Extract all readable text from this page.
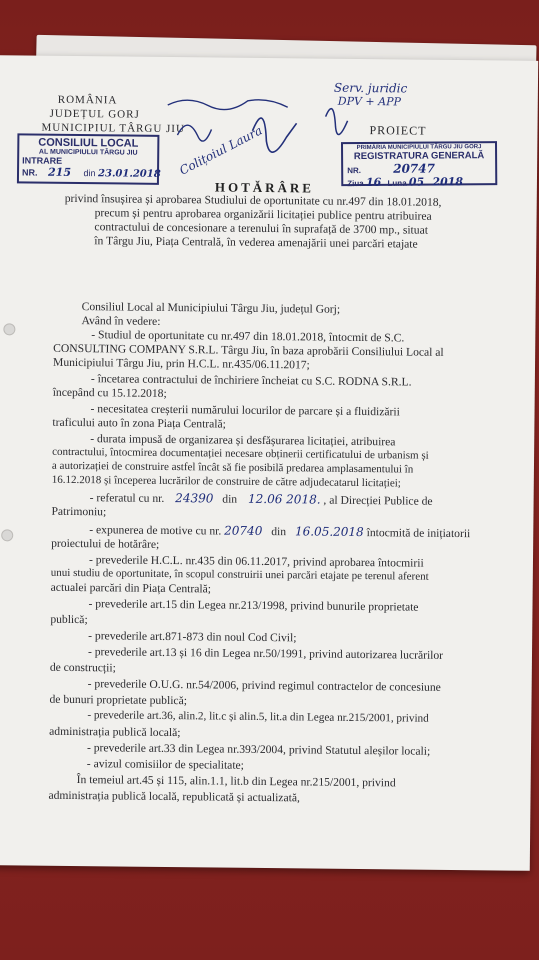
ROMÂNIA
JUDEȚUL GORJ
MUNICIPIUL TÂRGU JIU	PROIECT
Serv. juridic
DPV + APP
Colițoiul Laura
CONSILIUL LOCAL
AL MUNICIPIULUI TÂRGU JIU
INTRARE
NR. 215 din 23.01.2018
PRIMĂRIA MUNICIPIULUI TÂRGU JIU GORJ
REGISTRATURA GENERALĂ
NR.	20747
Ziua 16 Luna 05 2018
HOTĂRÂRE
privind însușirea și aprobarea Studiului de oportunitate cu nr.497 din 18.01.2018,
precum și pentru aprobarea organizării licitației publice pentru atribuirea
contractului de concesionare a terenului în suprafață de 3700 mp., situat
în Târgu Jiu, Piața Centrală, în vederea amenajării unei parcări etajate
Consiliul Local al Municipiului Târgu Jiu, județul Gorj;
Având în vedere:
- Studiul de oportunitate cu nr.497 din 18.01.2018, întocmit de S.C.
CONSULTING COMPANY S.R.L. Târgu Jiu, în baza aprobării Consiliului Local al
Municipiului Târgu Jiu, prin H.C.L. nr.435/06.11.2017;
- încetarea contractului de închiriere încheiat cu S.C. RODNA S.R.L.
începând cu 15.12.2018;
- necesitatea creșterii numărului locurilor de parcare și a fluidizării
traficului auto în zona Piața Centrală;
- durata impusă de organizarea și desfășurarea licitației, atribuirea
contractului, întocmirea documentației necesare obținerii certificatului de urbanism și
a autorizației de construire astfel încât să fie posibilă predarea amplasamentului în
16.12.2018 și începerea lucrărilor de construire de către adjudecatarul licitației;
- referatul cu nr. 24390 din 12.06 2018. , al Direcției Publice de
Patrimoniu;
- expunerea de motive cu nr. 20740 din 16.05.2018 întocmită de inițiatorii
proiectului de hotărâre;
- prevederile H.C.L. nr.435 din 06.11.2017, privind aprobarea întocmirii
unui studiu de oportunitate, în scopul construirii unei parcări etajate pe terenul aferent
actualei parcări din Piața Centrală;
- prevederile art.15 din Legea nr.213/1998, privind bunurile proprietate
publică;
- prevederile art.871-873 din noul Cod Civil;
- prevederile art.13 și 16 din Legea nr.50/1991, privind autorizarea lucrărilor
de construcții;
- prevederile O.U.G. nr.54/2006, privind regimul contractelor de concesiune
de bunuri proprietate publică;
- prevederile art.36, alin.2, lit.c și alin.5, lit.a din Legea nr.215/2001, privind
administrația publică locală;
- prevederile art.33 din Legea nr.393/2004, privind Statutul aleșilor locali;
- avizul comisiilor de specialitate;
În temeiul art.45 și 115, alin.1.1, lit.b din Legea nr.215/2001, privind
administrația publică locală, republicată și actualizată,
